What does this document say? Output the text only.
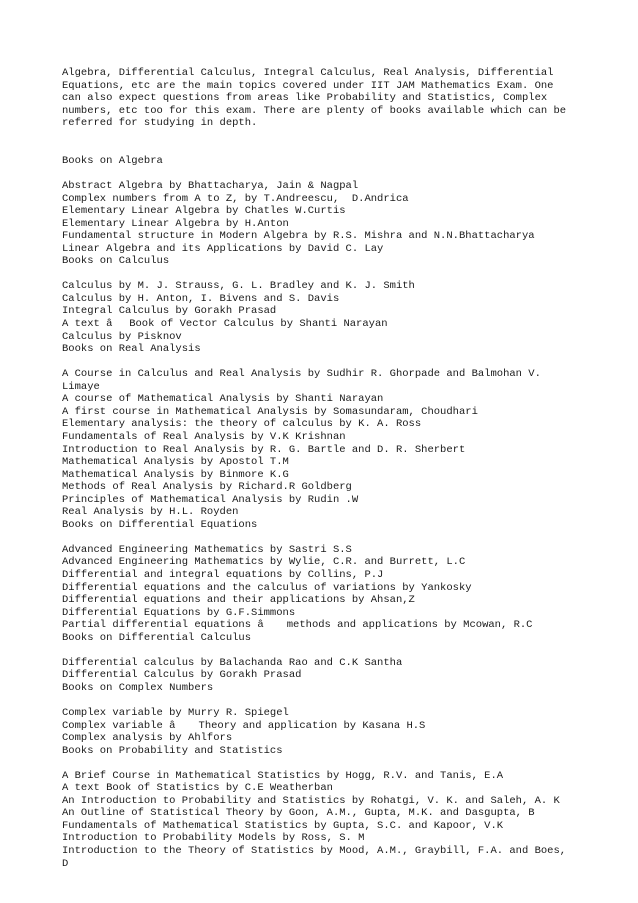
Algebra, Differential Calculus, Integral Calculus, Real Analysis, Differential
Equations, etc are the main topics covered under IIT JAM Mathematics Exam. One
can also expect questions from areas like Probability and Statistics, Complex
numbers, etc too for this exam. There are plenty of books available which can be
referred for studying in depth.
Books on Algebra
Abstract Algebra by Bhattacharya, Jain & Nagpal
Complex numbers from A to Z, by T.Andreescu,  D.Andrica
Elementary Linear Algebra by Chatles W.Curtis
Elementary Linear Algebra by H.Anton
Fundamental structure in Modern Algebra by R.S. Mishra and N.N.Bhattacharya
Linear Algebra and its Applications by David C. Lay
Books on Calculus
Calculus by M. J. Strauss, G. L. Bradley and K. J. Smith
Calculus by H. Anton, I. Bivens and S. Davis
Integral Calculus by Gorakh Prasad
A text âBook of Vector Calculus by Shanti Narayan
Calculus by Pisknov
Books on Real Analysis
A Course in Calculus and Real Analysis by Sudhir R. Ghorpade and Balmohan V.
Limaye
A course of Mathematical Analysis by Shanti Narayan
A first course in Mathematical Analysis by Somasundaram, Choudhari
Elementary analysis: the theory of calculus by K. A. Ross
Fundamentals of Real Analysis by V.K Krishnan
Introduction to Real Analysis by R. G. Bartle and D. R. Sherbert
Mathematical Analysis by Apostol T.M
Mathematical Analysis by Binmore K.G
Methods of Real Analysis by Richard.R Goldberg
Principles of Mathematical Analysis by Rudin .W
Real Analysis by H.L. Royden
Books on Differential Equations
Advanced Engineering Mathematics by Sastri S.S
Advanced Engineering Mathematics by Wylie, C.R. and Burrett, L.C
Differential and integral equations by Collins, P.J
Differential equations and the calculus of variations by Yankosky
Differential equations and their applications by Ahsan,Z
Differential Equations by G.F.Simmons
Partial differential equations â methods and applications by Mcowan, R.C
Books on Differential Calculus
Differential calculus by Balachanda Rao and C.K Santha
Differential Calculus by Gorakh Prasad
Books on Complex Numbers
Complex variable by Murry R. Spiegel
Complex variable â Theory and application by Kasana H.S
Complex analysis by Ahlfors
Books on Probability and Statistics
A Brief Course in Mathematical Statistics by Hogg, R.V. and Tanis, E.A
A text Book of Statistics by C.E Weatherban
An Introduction to Probability and Statistics by Rohatgi, V. K. and Saleh, A. K
An Outline of Statistical Theory by Goon, A.M., Gupta, M.K. and Dasgupta, B
Fundamentals of Mathematical Statistics by Gupta, S.C. and Kapoor, V.K
Introduction to Probability Models by Ross, S. M
Introduction to the Theory of Statistics by Mood, A.M., Graybill, F.A. and Boes,
D
